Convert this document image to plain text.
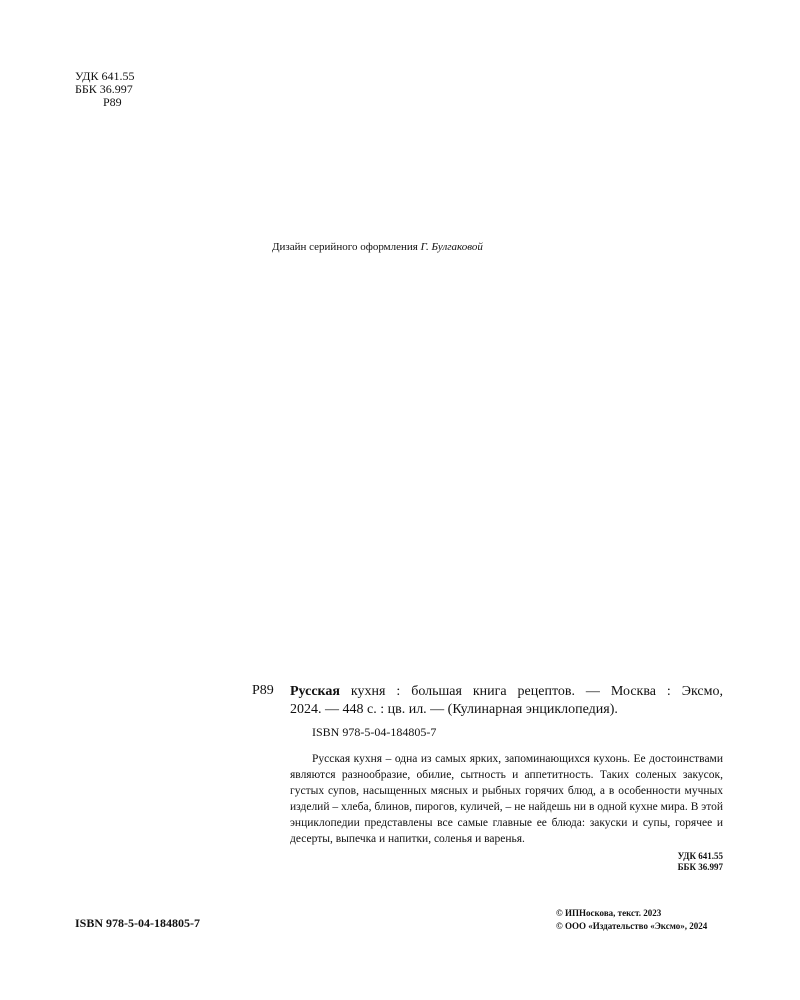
УДК 641.55
ББК 36.997
Р89
Дизайн серийного оформления Г. Булгаковой
Р89 Русская кухня : большая книга рецептов. — Москва : Эксмо,
2024. — 448 с. : цв. ил. — (Кулинарная энциклопедия).
ISBN 978-5-04-184805-7
Русская кухня – одна из самых ярких, запоминающихся кухонь. Ее достоинствами являются разнообразие, обилие, сытность и аппетитность. Таких соленых закусок, густых супов, насыщенных мясных и рыбных горячих блюд, а в особенности мучных изделий – хлеба, блинов, пирогов, куличей, – не найдешь ни в одной кухне мира. В этой энциклопедии представлены все самые главные ее блюда: закуски и супы, горячее и десерты, выпечка и напитки, соленья и варенья.
УДК 641.55
ББК 36.997
ISBN 978-5-04-184805-7
© ИПНоскова, текст. 2023
© ООО «Издательство «Эксмо», 2024
